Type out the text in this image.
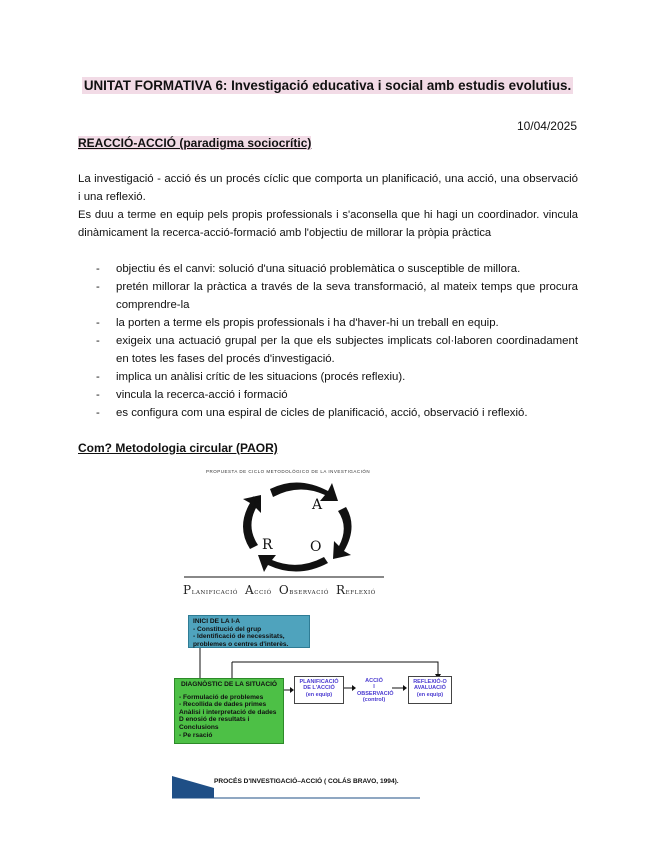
UNITAT FORMATIVA 6: Investigació educativa i social amb estudis evolutius.
10/04/2025
REACCIÓ-ACCIÓ (paradigma sociocrític)

La investigació - acció és un procés cíclic que comporta un planificació, una acció, una observació i una reflexió.

Es duu a terme en equip pels propis professionals i s'aconsella que hi hagi un coordinador. vincula dinàmicament la recerca-acció-formació amb l'objectiu de millorar la pròpia pràctica

- objectiu és el canvi: solució d'una situació problemàtica o susceptible de millora.
- pretén millorar la pràctica a través de la seva transformació, al mateix temps que procura comprendre-la
- la porten a terme els propis professionals i ha d'haver-hi un treball en equip.
- exigeix una actuació grupal per la que els subjectes implicats col·laboren coordinadament en totes les fases del procés d'investigació.
- implica un anàlisi crític de les situacions (procés reflexiu).
- vincula la recerca-acció i formació
- es configura com una espiral de cicles de planificació, acció, observació i reflexió.
Com? Metodologia circular (PAOR)
PROPUESTA DE CICLO METODOLÓGICO DE LA INVESTIGACIÓN
P	A
R	O
PLANIFICACIÓ ACCIÓ OBSERVACIÓ REFLEXIÓ
INICI DE LA I-A
- Constitució del grup
- Identificació de necessitats,
problemes o centres d'interès.
DIAGNÒSTIC DE LA SITUACIÓ
- Formulació de problemes
- Recollida de dades primes
Anàlisi i interpretació de dades
D enosió de resultats i
Conclusions
- Pe rsació
PLANIFICACIÓ
DE L'ACCIÓ
(en equip)
ACCIÓ
I
OBSERVACIÓ
(control)
REFLEXIÓ-O
AVALUACIÓ
(en equip)
PROCÉS D'INVESTIGACIÓ–ACCIÓ ( COLÁS BRAVO, 1994).
